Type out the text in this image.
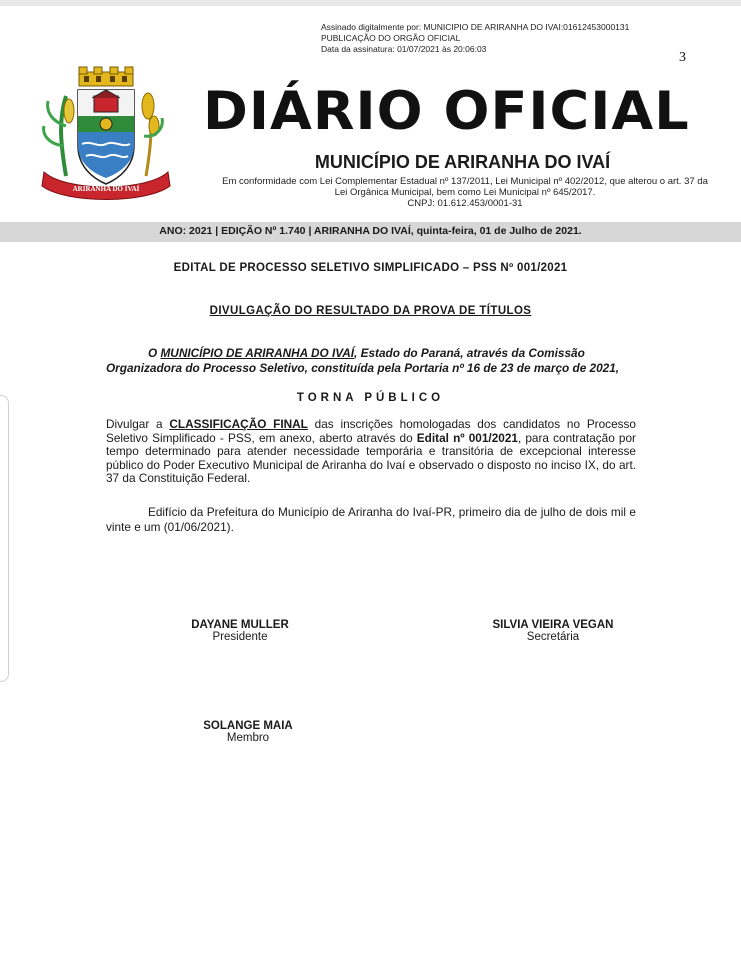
Assinado digitalmente por: MUNICIPIO DE ARIRANHA DO IVAI:01612453000131
PUBLICAÇÃO DO ORGÃO OFICIAL
Data da assinatura: 01/07/2021 às 20:06:03
3
ARIRANHA DO IVAÍ
DIÁRIO OFICIAL
MUNICÍPIO DE ARIRANHA DO IVAÍ
Em conformidade com Lei Complementar Estadual nº 137/2011, Lei Municipal nº 402/2012, que alterou o art. 37 da
Lei Orgânica Municipal, bem como Lei Municipal nº 645/2017.
CNPJ: 01.612.453/0001-31
ANO: 2021 | EDIÇÃO Nº 1.740 | ARIRANHA DO IVAÍ, quinta-feira, 01 de Julho de 2021.
EDITAL DE PROCESSO SELETIVO SIMPLIFICADO – PSS Nº 001/2021
DIVULGAÇÃO DO RESULTADO DA PROVA DE TÍTULOS
O MUNICÍPIO DE ARIRANHA DO IVAÍ, Estado do Paraná, através da Comissão Organizadora do Processo Seletivo, constituída pela Portaria nº 16 de 23 de março de 2021,
TORNA PÚBLICO
Divulgar a CLASSIFICAÇÃO FINAL das inscrições homologadas dos candidatos no Processo Seletivo Simplificado - PSS, em anexo, aberto através do Edital nº 001/2021, para contratação por tempo determinado para atender necessidade temporária e transitória de excepcional interesse público do Poder Executivo Municipal de Ariranha do Ivaí e observado o disposto no inciso IX, do art. 37 da Constituição Federal.
Edifício da Prefeitura do Município de Ariranha do Ivaí-PR, primeiro dia de julho de dois mil e vinte e um (01/06/2021).
DAYANE MULLER
Presidente
SILVIA VIEIRA VEGAN
Secretária
SOLANGE MAIA
Membro
